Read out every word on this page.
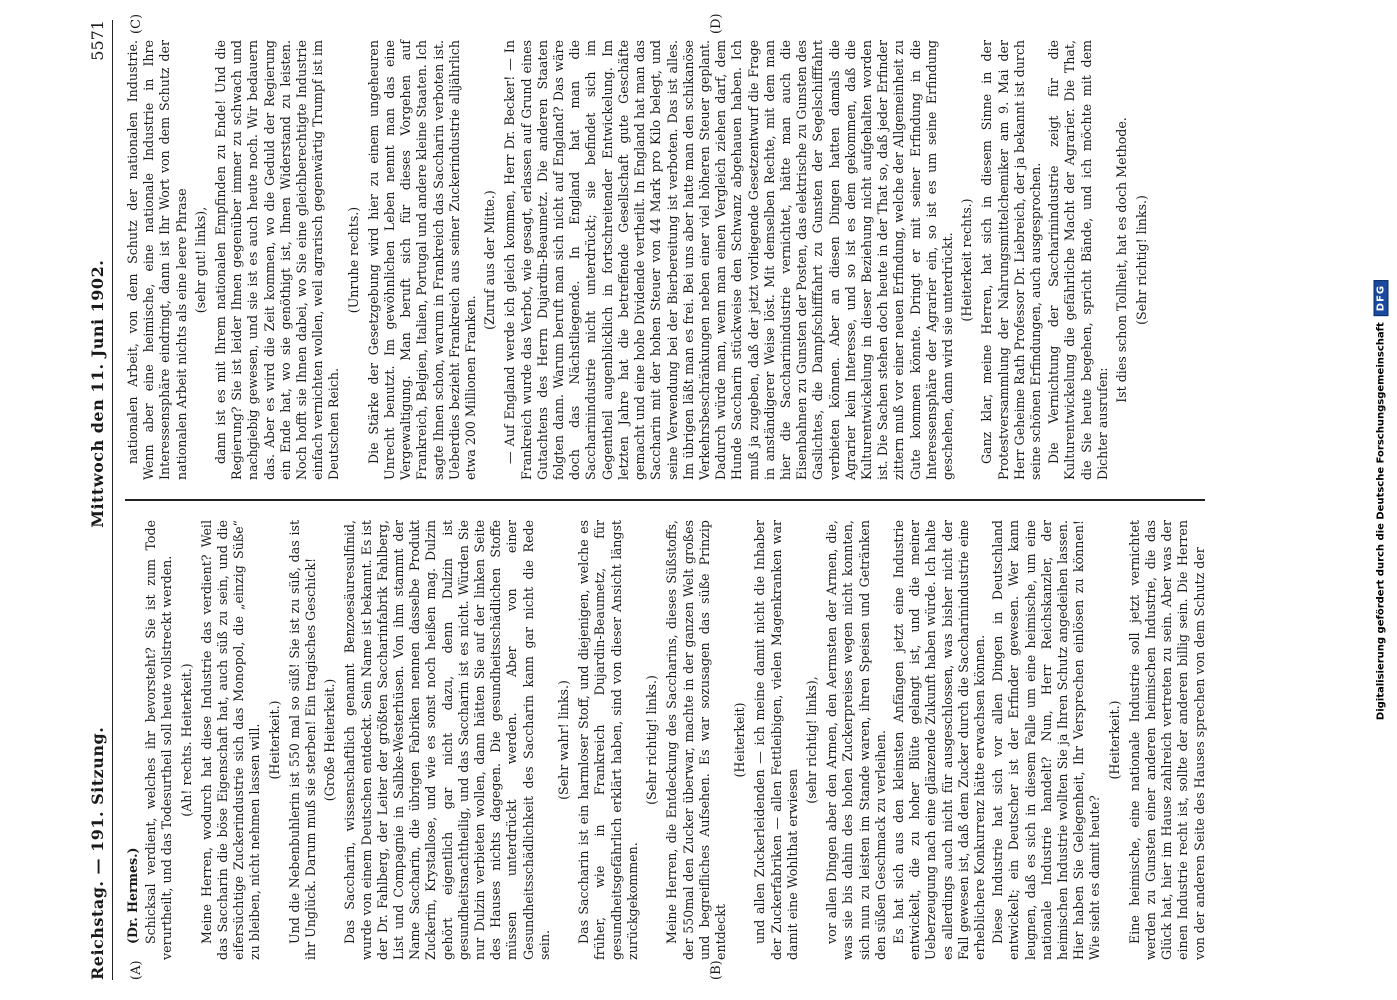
Reichstag. — 191. Sitzung.
Mittwoch den 11. Juni 1902.
5571
(A)	(B)
(C)	(D)

(Dr. Hermes.) Schicksal verdient, welches ihr bevorsteht? Sie ist zum Tode verurtheilt, und das Todesurtheil soll heute vollstreckt werden. (Ah! rechts. Heiterkeit.) Meine Herren, wodurch hat diese Industrie das verdient? Weil das Saccharin die böse Eigenschaft hat, auch süß zu sein, und die eifersüchtige Zuckerindustrie sich das Monopol, die „einzig Süße“ zu bleiben, nicht nehmen lassen will. (Heiterkeit.) Und die Nebenbuhlerin ist 550 mal so süß! Sie ist zu süß, das ist ihr Unglück. Darum muß sie sterben! Ein tragisches Geschick! (Große Heiterkeit.) Das Saccharin, wissenschaftlich genannt Benzoesäuresulfinid, wurde von einem Deutschen entdeckt. Sein Name ist bekannt. Es ist der Dr. Fahlberg, der Leiter der größten Saccharinfabrik Fahlberg, List und Compagnie in Salbke-Westerhüsen. Von ihm stammt der Name Saccharin, die übrigen Fabriken nennen dasselbe Produkt Zuckerin, Krystallose, und wie es sonst noch heißen mag. Dulzin gehört eigentlich gar nicht dazu, denn Dulzin ist gesundheitsnachtheilig, und das Saccharin ist es nicht. Würden Sie nur Dulzin verbieten wollen, dann hätten Sie auf der linken Seite des Hauses nichts dagegen. Die gesundheitsschädlichen Stoffe müssen unterdrückt werden. Aber von einer Gesundheitsschädlichkeit des Saccharin kann gar nicht die Rede sein.

(Sehr wahr! links.) Das Saccharin ist ein harmloser Stoff, und diejenigen, welche es früher, wie in Frankreich Dujardin-Beaumetz, für gesundheitsgefährlich erklärt haben, sind von dieser Ansicht längst zurückgekommen.

(Sehr richtig! links.) Meine Herren, die Entdeckung des Saccharins, dieses Süßstoffs, der 550mal den Zucker überwar, machte in der ganzen Welt großes und begreifliches Aufsehen. Es war sozusagen das süße Prinzip entdeckt

(Heiterkeit) und allen Zuckerleidenden — ich meine damit nicht die Inhaber der Zuckerfabriken — allen Fettleibigen, vielen Magenkranken war damit eine Wohlthat erwiesen

(sehr richtig! links), vor allen Dingen aber den Armen, den Aermsten der Armen, die, was sie bis dahin des hohen Zuckerpreises wegen nicht konnten, sich nun zu leisten im Stande waren, ihren Speisen und Getränken den süßen Geschmack zu verleihen. Es hat sich aus den kleinsten Anfängen jetzt eine Industrie entwickelt, die zu hoher Blüte gelangt ist, und die meiner Ueberzeugung nach eine glänzende Zukunft haben würde. Ich halte es allerdings auch nicht für ausgeschlossen, was bisher nicht der Fall gewesen ist, daß dem Zucker durch die Saccharinindustrie eine erheblichere Konkurrenz hätte erwachsen können. Diese Industrie hat sich vor allen Dingen in Deutschland entwickelt; ein Deutscher ist der Erfinder gewesen. Wer kann leugnen, daß es sich in diesem Falle um eine heimische, um eine nationale Industrie handelt? Nun, Herr Reichskanzler, der heimischen Industrie wollten Sie ja Ihren Schutz angedeihen lassen. Hier haben Sie Gelegenheit, Ihr Versprechen einlösen zu können! Wie sieht es damit heute?

(Heiterkeit.) Eine heimische, eine nationale Industrie soll jetzt vernichtet werden zu Gunsten einer anderen heimischen Industrie, die das Glück hat, hier im Hause zahlreich vertreten zu sein. Aber was der einen Industrie recht ist, sollte der anderen billig sein. Die Herren von der anderen Seite des Hauses sprechen von dem Schutz der

nationalen Arbeit, von dem Schutz der nationalen Industrie. Wenn aber eine heimische, eine nationale Industrie in Ihre Interessensphäre eindringt, dann ist Ihr Wort von dem Schutz der nationalen Arbeit nichts als eine leere Phrase (sehr gut! links), dann ist es mit Ihrem nationalen Empfinden zu Ende! Und die Regierung? Sie ist leider Ihnen gegenüber immer zu schwach und nachgiebig gewesen, und sie ist es auch heute noch. Wir bedauern das. Aber es wird die Zeit kommen, wo die Geduld der Regierung ein Ende hat, wo sie genöthigt ist, Ihnen Widerstand zu leisten. Noch hofft sie Ihnen dabei, wo Sie eine gleichberechtigte Industrie einfach vernichten wollen, weil agrarisch gegenwärtig Trumpf ist im Deutschen Reich.

(Unruhe rechts.) Die Stärke der Gesetzgebung wird hier zu einem ungeheuren Unrecht benutzt. Im gewöhnlichen Leben nennt man das eine Vergewaltigung. Man beruft sich für dieses Vorgehen auf Frankreich, Belgien, Italien, Portugal und andere kleine Staaten. Ich sagte Ihnen schon, warum in Frankreich das Saccharin verboten ist. Ueberdies bezieht Frankreich aus seiner Zuckerindustrie alljährlich etwa 200 Millionen Franken.

(Zuruf aus der Mitte.) — Auf England werde ich gleich kommen, Herr Dr. Becker! — In Frankreich wurde das Verbot, wie gesagt, erlassen auf Grund eines Gutachtens des Herrn Dujardin-Beaumetz. Die anderen Staaten folgten dann. Warum beruft man sich nicht auf England? Das wäre doch das Nächstliegende. In England hat man die Saccharinindustrie nicht unterdrückt; sie befindet sich im Gegentheil augenblicklich in fortschreitender Entwickelung. Im letzten Jahre hat die betreffende Gesellschaft gute Geschäfte gemacht und eine hohe Dividende vertheilt. In England hat man das Saccharin mit der hohen Steuer von 44 Mark pro Kilo belegt, und seine Verwendung bei der Bierbereitung ist verboten. Das ist alles. Im übrigen läßt man es frei. Bei uns aber hatte man den schikanöse Verkehrsbeschränkungen neben einer viel höheren Steuer geplant. Dadurch würde man, wenn man einen Vergleich ziehen darf, dem Hunde Saccharin stückweise den Schwanz abgehauen haben. Ich muß ja zugeben, daß der jetzt vorliegende Gesetzentwurf die Frage in anständigerer Weise löst. Mit demselben Rechte, mit dem man hier die Saccharinindustrie vernichtet, hätte man auch die Eisenbahnen zu Gunsten der Posten, das elektrische zu Gunsten des Gaslichtes, die Dampfschifffahrt zu Gunsten der Segelschifffahrt verbieten können. Aber an diesen Dingen hatten damals die Agrarier kein Interesse, und so ist es dem gekommen, daß die Kulturentwickelung in dieser Beziehung nicht aufgehalten worden ist. Die Sachen stehen doch heute in der That so, daß jeder Erfinder zittern muß vor einer neuen Erfindung, welche der Allgemeinheit zu Gute kommen könnte. Dringt er mit seiner Erfindung in die Interessensphäre der Agrarier ein, so ist es um seine Erfindung geschehen, dann wird sie unterdrückt. (Heiterkeit rechts.) Ganz klar, meine Herren, hat sich in diesem Sinne in der Protestversammlung der Nahrungsmittelchemiker am 9. Mai der Herr Geheime Rath Professor Dr. Liebreich, der ja bekannt ist durch seine schönen Erfindungen, auch ausgesprochen. Die Vernichtung der Saccharinindustrie zeigt für die Kulturentwickelung die gefährliche Macht der Agrarier. Die That, die Sie heute begehen, spricht Bände, und ich möchte mit dem Dichter ausrufen:

Ist dies schon Tollheit, hat es doch Methode. (Sehr richtig! links.)

Digitalisierung gefördert durch die Deutsche Forschungsgemeinschaft
DFG
